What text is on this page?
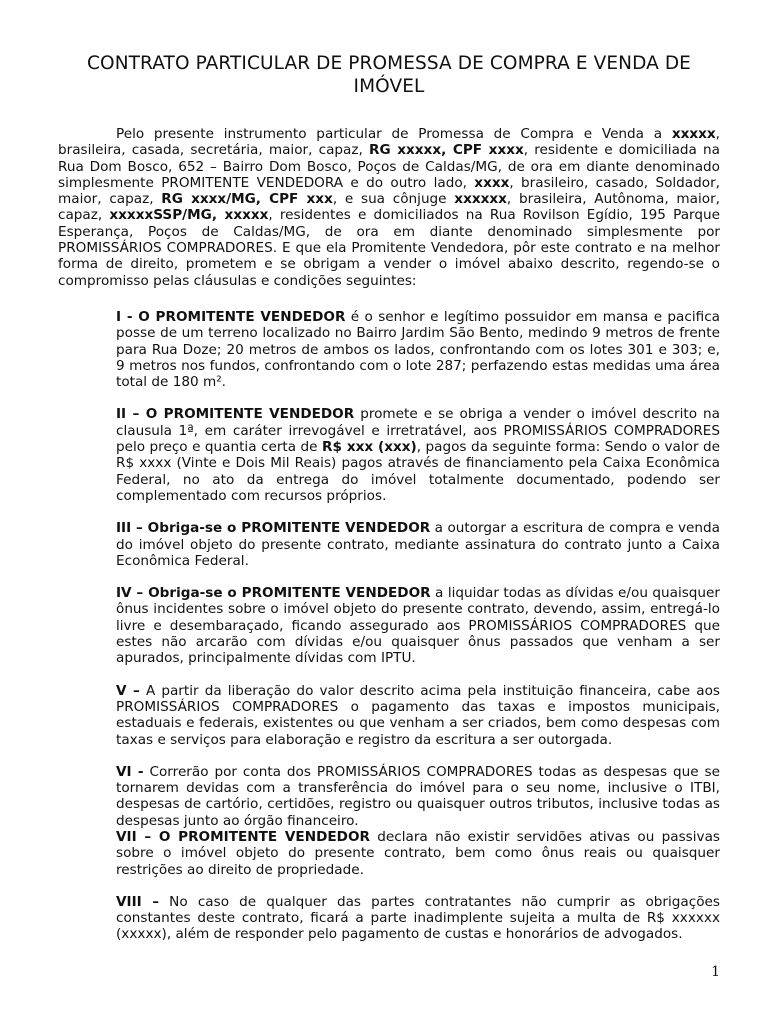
CONTRATO PARTICULAR DE PROMESSA DE COMPRA E VENDA DE IMÓVEL

Pelo presente instrumento particular de Promessa de Compra e Venda a xxxxx, brasileira, casada, secretária, maior, capaz, RG xxxxx, CPF xxxx, residente e domiciliada na Rua Dom Bosco, 652 – Bairro Dom Bosco, Poços de Caldas/MG, de ora em diante denominado simplesmente PROMITENTE VENDEDORA e do outro lado, xxxx, brasileiro, casado, Soldador, maior, capaz, RG xxxx/MG, CPF xxx, e sua cônjuge xxxxxx, brasileira, Autônoma, maior, capaz, xxxxxSSP/MG, xxxxx, residentes e domiciliados na Rua Rovilson Egídio, 195 Parque Esperança, Poços de Caldas/MG, de ora em diante denominado simplesmente por PROMISSÁRIOS COMPRADORES. E que ela Promitente Vendedora, pôr este contrato e na melhor forma de direito, prometem e se obrigam a vender o imóvel abaixo descrito, regendo-se o compromisso pelas cláusulas e condições seguintes:

I - O PROMITENTE VENDEDOR é o senhor e legítimo possuidor em mansa e pacifica posse de um terreno localizado no Bairro Jardim São Bento, medindo 9 metros de frente para Rua Doze; 20 metros de ambos os lados, confrontando com os lotes 301 e 303; e, 9 metros nos fundos, confrontando com o lote 287; perfazendo estas medidas uma área total de 180 m².

II – O PROMITENTE VENDEDOR promete e se obriga a vender o imóvel descrito na clausula 1ª, em caráter irrevogável e irretratável, aos PROMISSÁRIOS COMPRADORES pelo preço e quantia certa de R$ xxx (xxx), pagos da seguinte forma: Sendo o valor de R$ xxxx (Vinte e Dois Mil Reais) pagos através de financiamento pela Caixa Econômica Federal, no ato da entrega do imóvel totalmente documentado, podendo ser complementado com recursos próprios.

III – Obriga-se o PROMITENTE VENDEDOR a outorgar a escritura de compra e venda do imóvel objeto do presente contrato, mediante assinatura do contrato junto a Caixa Econômica Federal.

IV – Obriga-se o PROMITENTE VENDEDOR a liquidar todas as dívidas e/ou quaisquer ônus incidentes sobre o imóvel objeto do presente contrato, devendo, assim, entregá-lo livre e desembaraçado, ficando assegurado aos PROMISSÁRIOS COMPRADORES que estes não arcarão com dívidas e/ou quaisquer ônus passados que venham a ser apurados, principalmente dívidas com IPTU.

V – A partir da liberação do valor descrito acima pela instituição financeira, cabe aos PROMISSÁRIOS COMPRADORES o pagamento das taxas e impostos municipais, estaduais e federais, existentes ou que venham a ser criados, bem como despesas com taxas e serviços para elaboração e registro da escritura a ser outorgada.

VI - Correrão por conta dos PROMISSÁRIOS COMPRADORES todas as despesas que se tornarem devidas com a transferência do imóvel para o seu nome, inclusive o ITBI, despesas de cartório, certidões, registro ou quaisquer outros tributos, inclusive todas as despesas junto ao órgão financeiro.

VII – O PROMITENTE VENDEDOR declara não existir servidões ativas ou passivas sobre o imóvel objeto do presente contrato, bem como ônus reais ou quaisquer restrições ao direito de propriedade.

VIII – No caso de qualquer das partes contratantes não cumprir as obrigações constantes deste contrato, ficará a parte inadimplente sujeita a multa de R$ xxxxxx (xxxxx), além de responder pelo pagamento de custas e honorários de advogados.

1
